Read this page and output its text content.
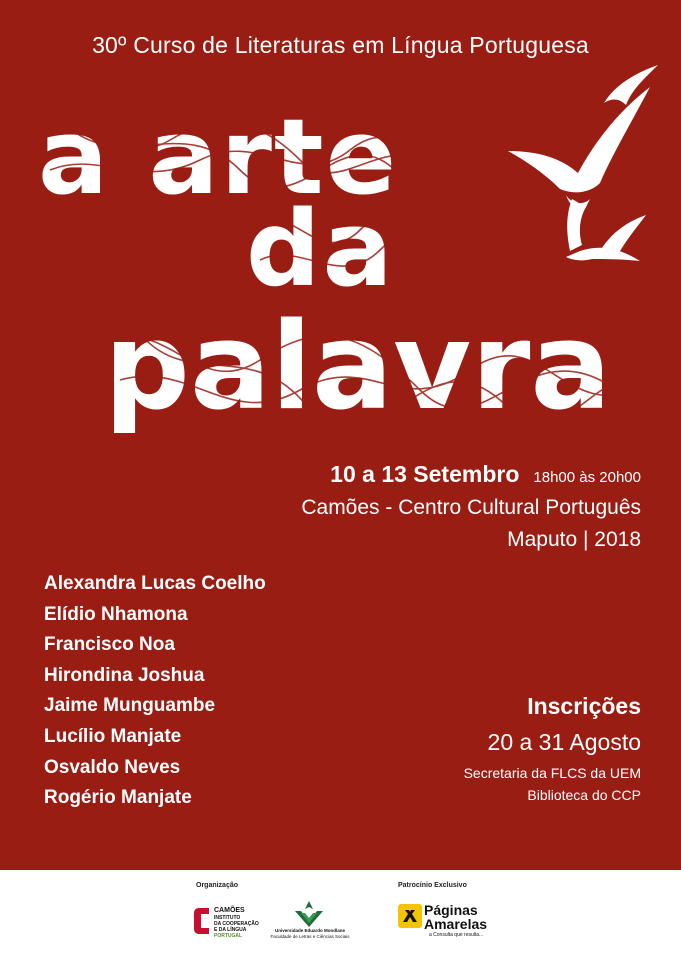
30º Curso de Literaturas em Língua Portuguesa
a arte
da
palavra
10 a 13 Setembro 18h00 às 20h00
Camões - Centro Cultural Português
Maputo | 2018
Alexandra Lucas Coelho
Elídio Nhamona
Francisco Noa
Hirondina Joshua
Jaime Munguambe
Lucílio Manjate
Osvaldo Neves
Rogério Manjate
Inscrições
20 a 31 Agosto
Secretaria da FLCS da UEM
Biblioteca do CCP
Organização	Patrocínio Exclusivo
CAMÕES
INSTITUTO
DA COOPERAÇÃO
E DA LÍNGUA
PORTUGAL
Universidade Eduardo Mondlane
Faculdade de Letras e Ciências Sociais
Páginas
Amarelas
a Consulta que resulta...
